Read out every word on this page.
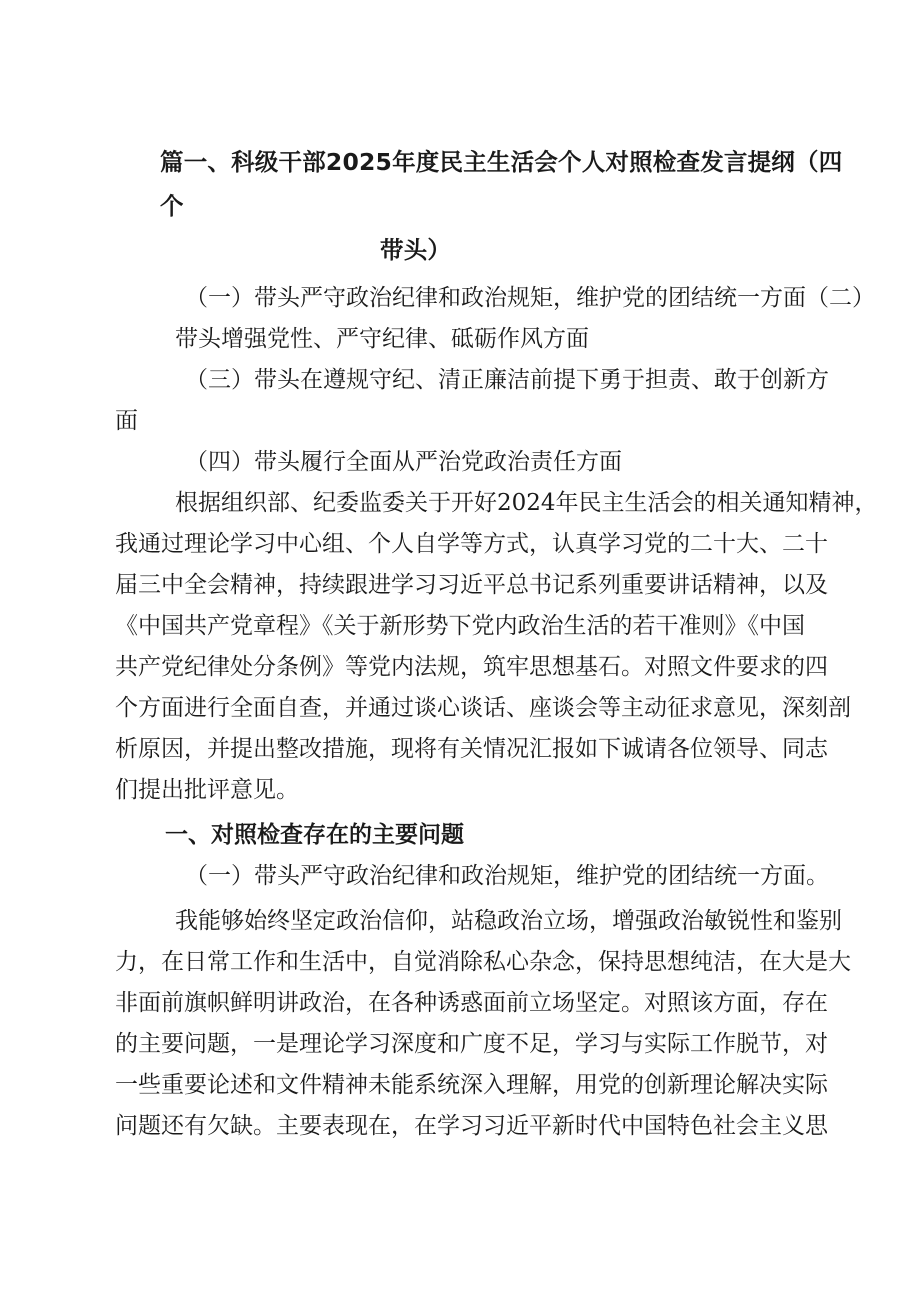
篇一、科级干部2025年度民主生活会个人对照检查发言提纲（四个
带头）
（一）带头严守政治纪律和政治规矩，维护党的团结统一方面（二）
带头增强党性、严守纪律、砥砺作风方面
（三）带头在遵规守纪、清正廉洁前提下勇于担责、敢于创新方
面
（四）带头履行全面从严治党政治责任方面
根据组织部、纪委监委关于开好2024年民主生活会的相关通知精神，
我通过理论学习中心组、个人自学等方式，认真学习党的二十大、二十
届三中全会精神，持续跟进学习习近平总书记系列重要讲话精神，以及
《中国共产党章程》《关于新形势下党内政治生活的若干准则》《中国
共产党纪律处分条例》等党内法规，筑牢思想基石。对照文件要求的四
个方面进行全面自查，并通过谈心谈话、座谈会等主动征求意见，深刻剖
析原因，并提出整改措施，现将有关情况汇报如下诚请各位领导、同志
们提出批评意见。
一、对照检查存在的主要问题
（一）带头严守政治纪律和政治规矩，维护党的团结统一方面。
我能够始终坚定政治信仰，站稳政治立场，增强政治敏锐性和鉴别
力，在日常工作和生活中，自觉消除私心杂念，保持思想纯洁，在大是大
非面前旗帜鲜明讲政治，在各种诱惑面前立场坚定。对照该方面，存在
的主要问题，一是理论学习深度和广度不足，学习与实际工作脱节，对
一些重要论述和文件精神未能系统深入理解，用党的创新理论解决实际
问题还有欠缺。主要表现在，在学习习近平新时代中国特色社会主义思
